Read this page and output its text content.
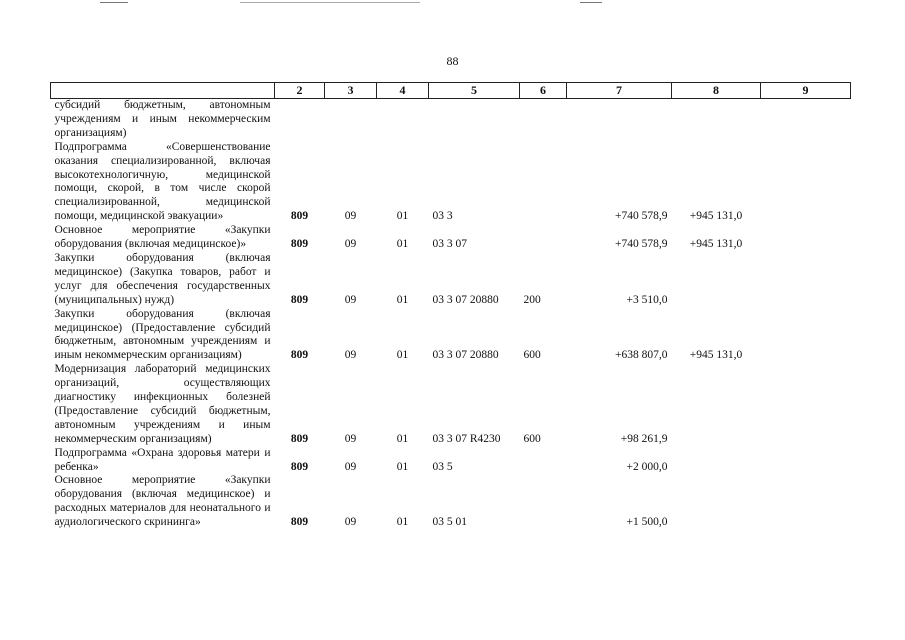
88
	2	3	4	5	6	7	8	9
субсидий бюджетным, автономным учреждениям и иным некоммерческим организациям)								
Подпрограмма «Совершенствование оказания специализированной, включая высокотехнологичную, медицинской помощи, скорой, в том числе скорой специализированной, медицинской помощи, медицинской эвакуации»	809	09	01	03 3		+740 578,9	+945 131,0	
Основное мероприятие «Закупки оборудования (включая медицинское)»	809	09	01	03 3 07		+740 578,9	+945 131,0	
Закупки оборудования (включая медицинское) (Закупка товаров, работ и услуг для обеспечения государственных (муниципальных) нужд)	809	09	01	03 3 07 20880	200	+3 510,0		
Закупки оборудования (включая медицинское) (Предоставление субсидий бюджетным, автономным учреждениям и иным некоммерческим организациям)	809	09	01	03 3 07 20880	600	+638 807,0	+945 131,0	
Модернизация лабораторий медицинских организаций, осуществляющих диагностику инфекционных болезней (Предоставление субсидий бюджетным, автономным учреждениям и иным некоммерческим организациям)	809	09	01	03 3 07 R4230	600	+98 261,9		
Подпрограмма «Охрана здоровья матери и ребенка»	809	09	01	03 5		+2 000,0		
Основное мероприятие «Закупки оборудования (включая медицинское) и расходных материалов для неонатального и аудиологического скрининга»	809	09	01	03 5 01		+1 500,0		
